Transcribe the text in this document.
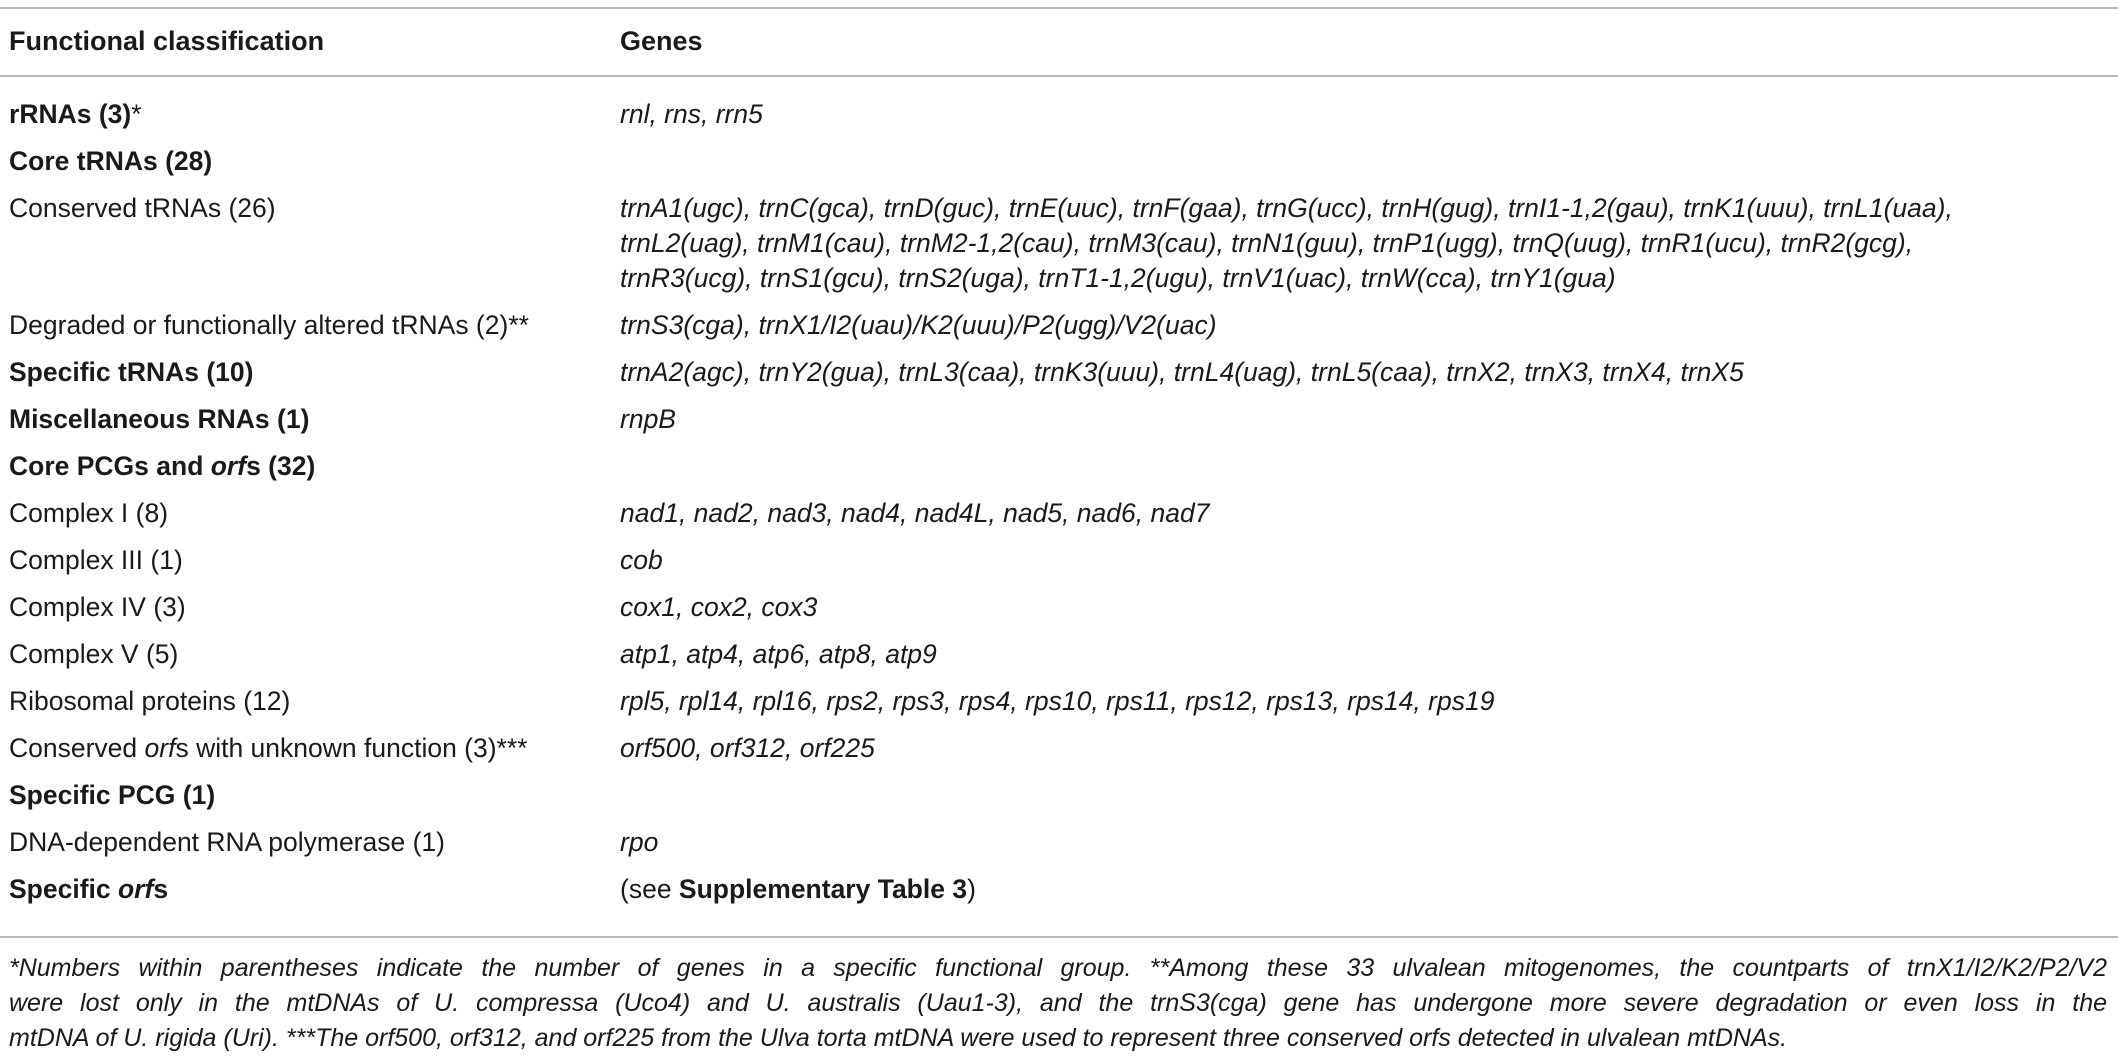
Functional classification	Genes
rRNAs (3)*	rnl, rns, rrn5
Core tRNAs (28)
Conserved tRNAs (26)	trnA1(ugc), trnC(gca), trnD(guc), trnE(uuc), trnF(gaa), trnG(ucc), trnH(gug), trnI1-1,2(gau), trnK1(uuu), trnL1(uaa),
trnL2(uag), trnM1(cau), trnM2-1,2(cau), trnM3(cau), trnN1(guu), trnP1(ugg), trnQ(uug), trnR1(ucu), trnR2(gcg),
trnR3(ucg), trnS1(gcu), trnS2(uga), trnT1-1,2(ugu), trnV1(uac), trnW(cca), trnY1(gua)
Degraded or functionally altered tRNAs (2)**	trnS3(cga), trnX1/I2(uau)/K2(uuu)/P2(ugg)/V2(uac)
Specific tRNAs (10)	trnA2(agc), trnY2(gua), trnL3(caa), trnK3(uuu), trnL4(uag), trnL5(caa), trnX2, trnX3, trnX4, trnX5
Miscellaneous RNAs (1)	rnpB
Core PCGs and orfs (32)
Complex I (8)	nad1, nad2, nad3, nad4, nad4L, nad5, nad6, nad7
Complex III (1)	cob
Complex IV (3)	cox1, cox2, cox3
Complex V (5)	atp1, atp4, atp6, atp8, atp9
Ribosomal proteins (12)	rpl5, rpl14, rpl16, rps2, rps3, rps4, rps10, rps11, rps12, rps13, rps14, rps19
Conserved orfs with unknown function (3)***	orf500, orf312, orf225
Specific PCG (1)
DNA-dependent RNA polymerase (1)	rpo
Specific orfs	(see Supplementary Table 3)
*Numbers within parentheses indicate the number of genes in a specific functional group. **Among these 33 ulvalean mitogenomes, the countparts of trnX1/I2/K2/P2/V2
were lost only in the mtDNAs of U. compressa (Uco4) and U. australis (Uau1-3), and the trnS3(cga) gene has undergone more severe degradation or even loss in the
mtDNA of U. rigida (Uri). ***The orf500, orf312, and orf225 from the Ulva torta mtDNA were used to represent three conserved orfs detected in ulvalean mtDNAs.
